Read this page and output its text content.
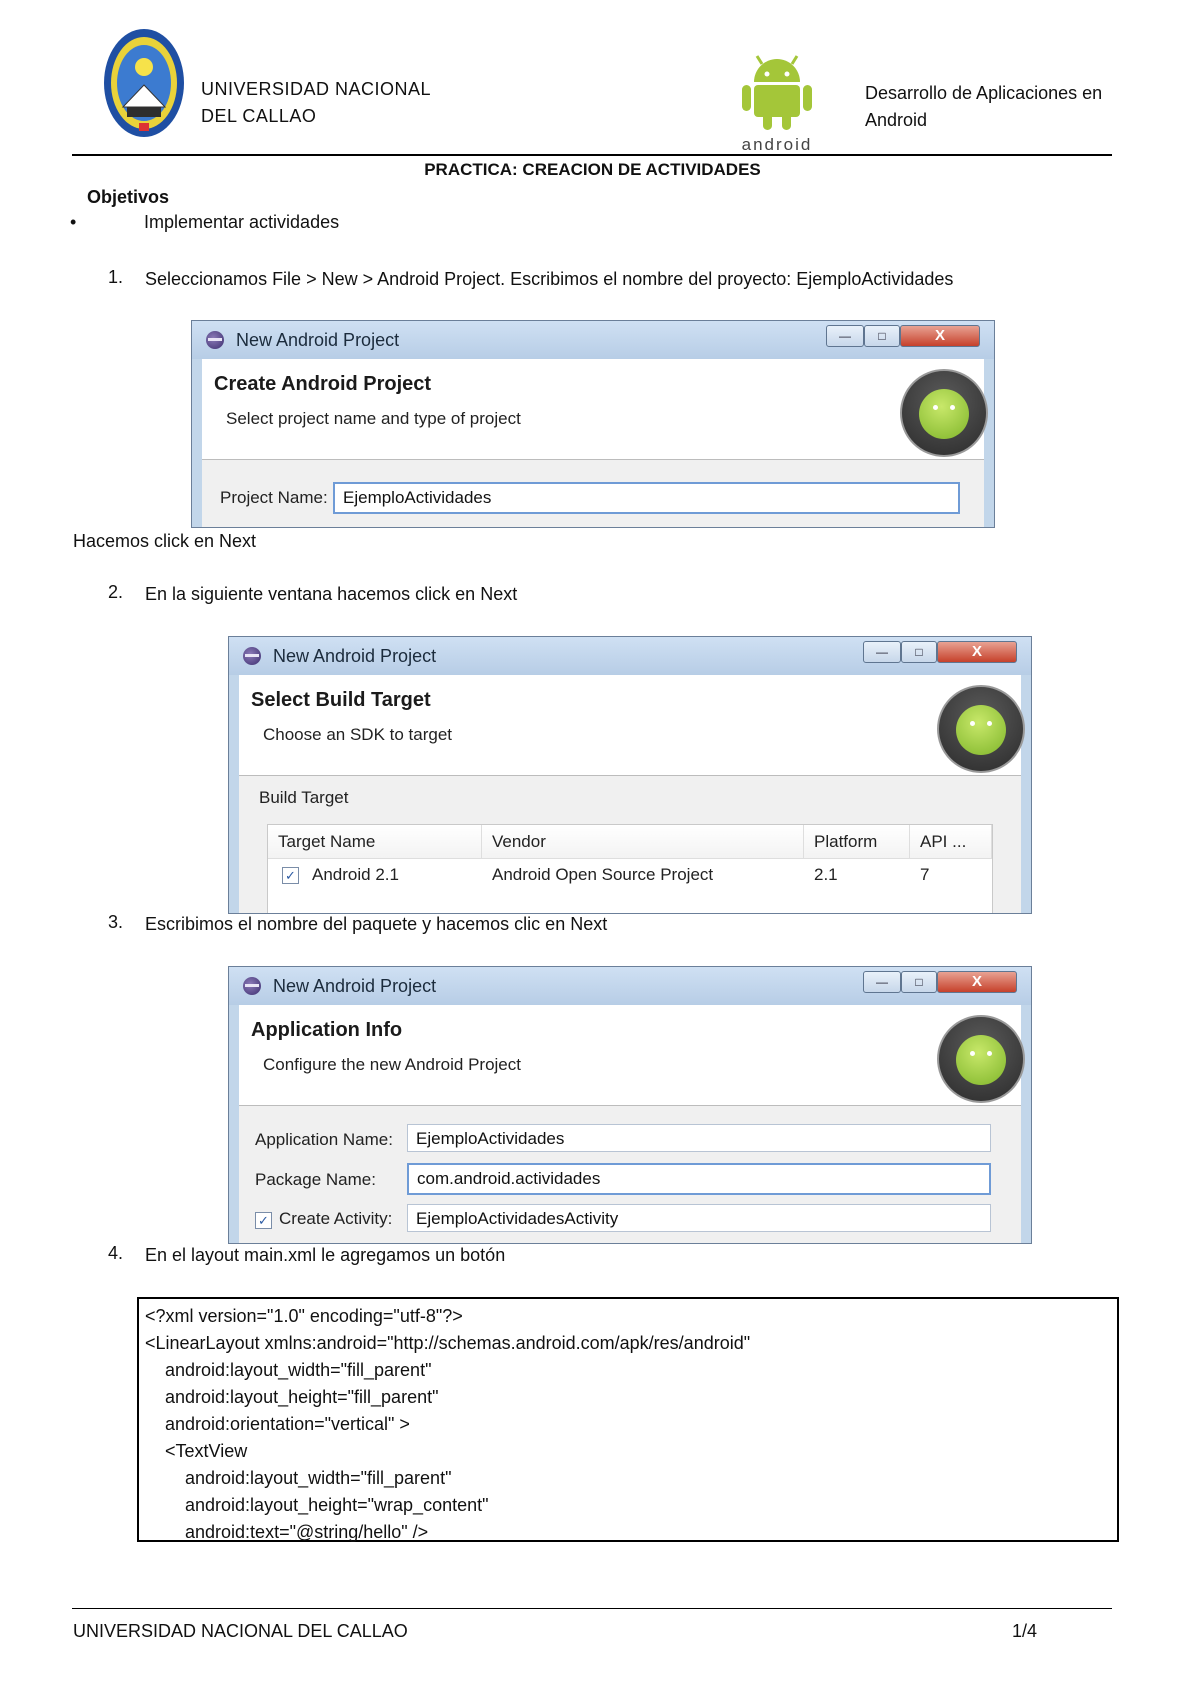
UNIVERSIDAD NACIONAL
DEL CALLAO
android
Desarrollo de Aplicaciones en
Android
PRACTICA: CREACION DE ACTIVIDADES
Objetivos
•	Implementar actividades
1. Seleccionamos File > New > Android Project. Escribimos el nombre del proyecto: EjemploActividades
New Android Project	—	□	X
Create Android Project
Select project name and type of project
Project Name: EjemploActividades
Hacemos click en Next
2. En la siguiente ventana hacemos click en Next
New Android Project	—	□	X
Select Build Target
Choose an SDK to target
Build Target
Target Name	Vendor	Platform	API ...
✓ Android 2.1	Android Open Source Project	2.1	7
3. Escribimos el nombre del paquete y hacemos clic en Next
New Android Project	—	□	X
Application Info
Configure the new Android Project
Application Name:	EjemploActividades
Package Name:	com.android.actividades
✓ Create Activity:	EjemploActividadesActivity
4. En el layout main.xml le agregamos un botón
<?xml version="1.0" encoding="utf-8"?>
<LinearLayout xmlns:android="http://schemas.android.com/apk/res/android"
android:layout_width="fill_parent"
android:layout_height="fill_parent"
android:orientation="vertical" >
<TextView
android:layout_width="fill_parent"
android:layout_height="wrap_content"
android:text="@string/hello" />
UNIVERSIDAD NACIONAL DEL CALLAO	1/4
